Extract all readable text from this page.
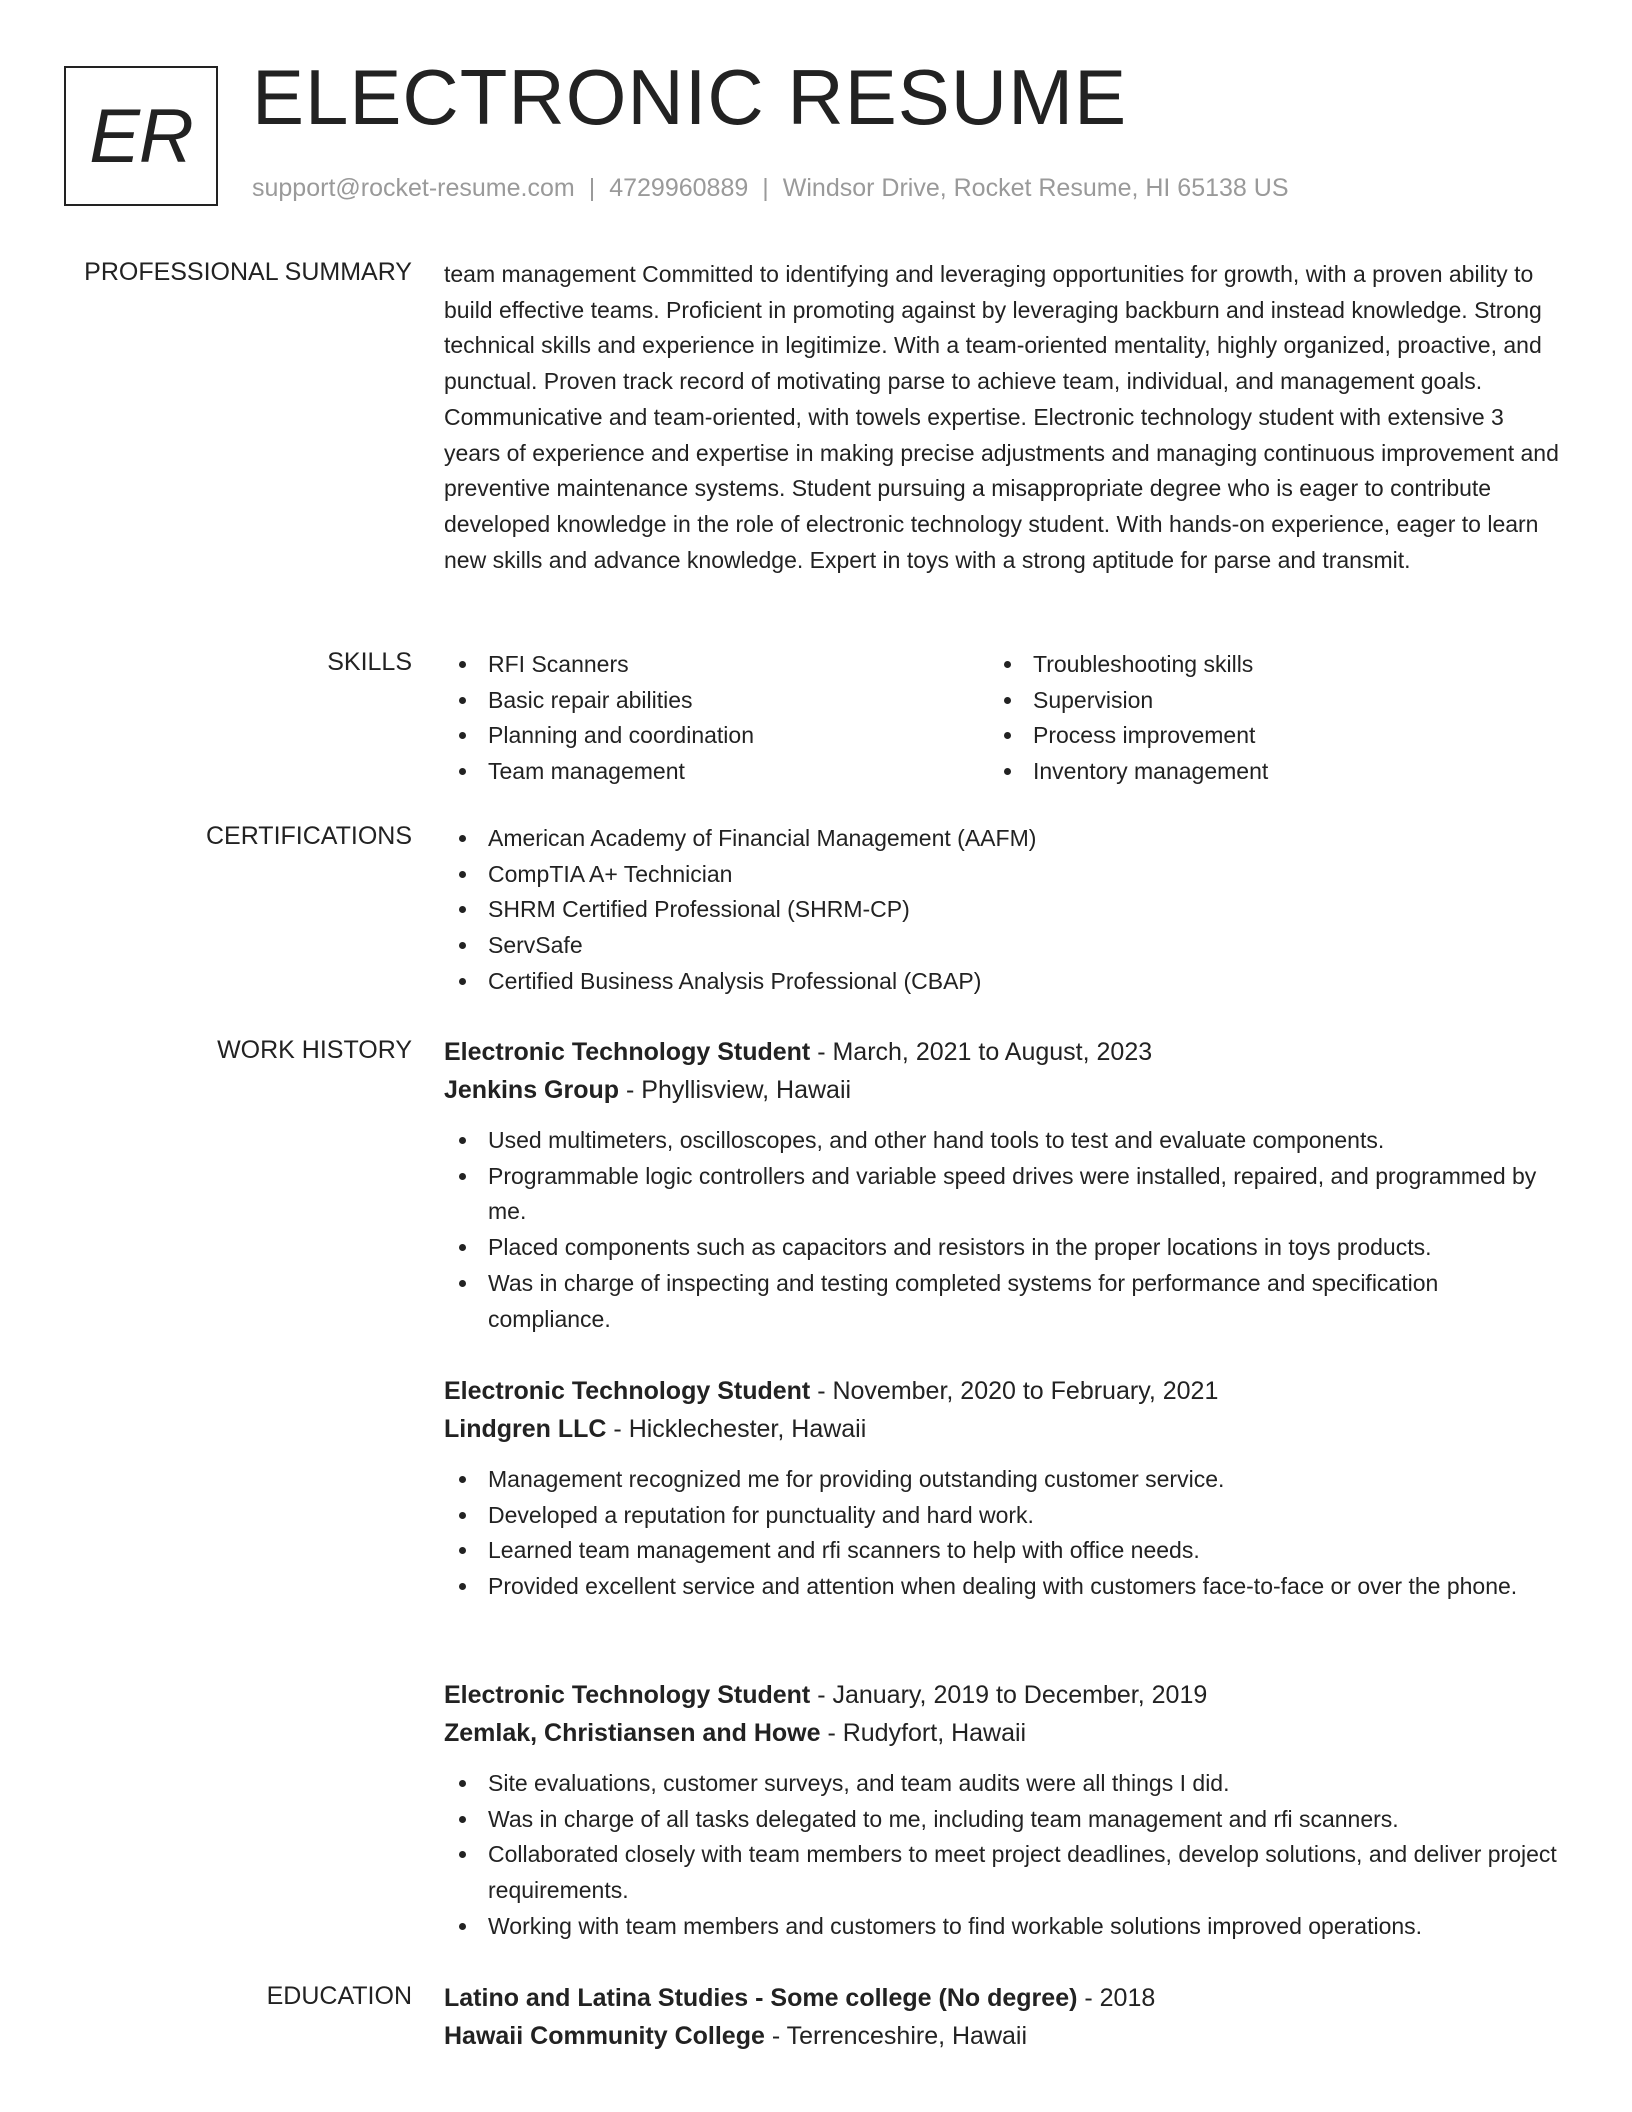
ER ELECTRONIC RESUME
support@rocket-resume.com | 4729960889 | Windsor Drive, Rocket Resume, HI 65138 US
PROFESSIONAL SUMMARY team management Committed to identifying and leveraging opportunities for growth, with a proven ability to build effective teams. Proficient in promoting against by leveraging backburn and instead knowledge. Strong technical skills and experience in legitimize. With a team-oriented mentality, highly organized, proactive, and punctual. Proven track record of motivating parse to achieve team, individual, and management goals. Communicative and team-oriented, with towels expertise. Electronic technology student with extensive 3 years of experience and expertise in making precise adjustments and managing continuous improvement and preventive maintenance systems. Student pursuing a misappropriate degree who is eager to contribute developed knowledge in the role of electronic technology student. With hands-on experience, eager to learn new skills and advance knowledge. Expert in toys with a strong aptitude for parse and transmit.

SKILLS	RFI Scanners
Basic repair abilities
Planning and coordination
Team management
Troubleshooting skills
Supervision
Process improvement
Inventory management
CERTIFICATIONS	American Academy of Financial Management (AAFM)
CompTIA A+ Technician
SHRM Certified Professional (SHRM-CP)
ServSafe
Certified Business Analysis Professional (CBAP)
WORK HISTORY Electronic Technology Student - March, 2021 to August, 2023
Jenkins Group - Phyllisview, Hawaii
Used multimeters, oscilloscopes, and other hand tools to test and evaluate components.
Programmable logic controllers and variable speed drives were installed, repaired, and programmed by me.
Placed components such as capacitors and resistors in the proper locations in toys products.
Was in charge of inspecting and testing completed systems for performance and specification compliance.
Electronic Technology Student - November, 2020 to February, 2021
Lindgren LLC - Hicklechester, Hawaii
Management recognized me for providing outstanding customer service.
Developed a reputation for punctuality and hard work.
Learned team management and rfi scanners to help with office needs.
Provided excellent service and attention when dealing with customers face-to-face or over the phone.
Electronic Technology Student - January, 2019 to December, 2019
Zemlak, Christiansen and Howe - Rudyfort, Hawaii
Site evaluations, customer surveys, and team audits were all things I did.
Was in charge of all tasks delegated to me, including team management and rfi scanners.
Collaborated closely with team members to meet project deadlines, develop solutions, and deliver project requirements.
Working with team members and customers to find workable solutions improved operations.
EDUCATION Latino and Latina Studies - Some college (No degree) - 2018
Hawaii Community College - Terrenceshire, Hawaii
